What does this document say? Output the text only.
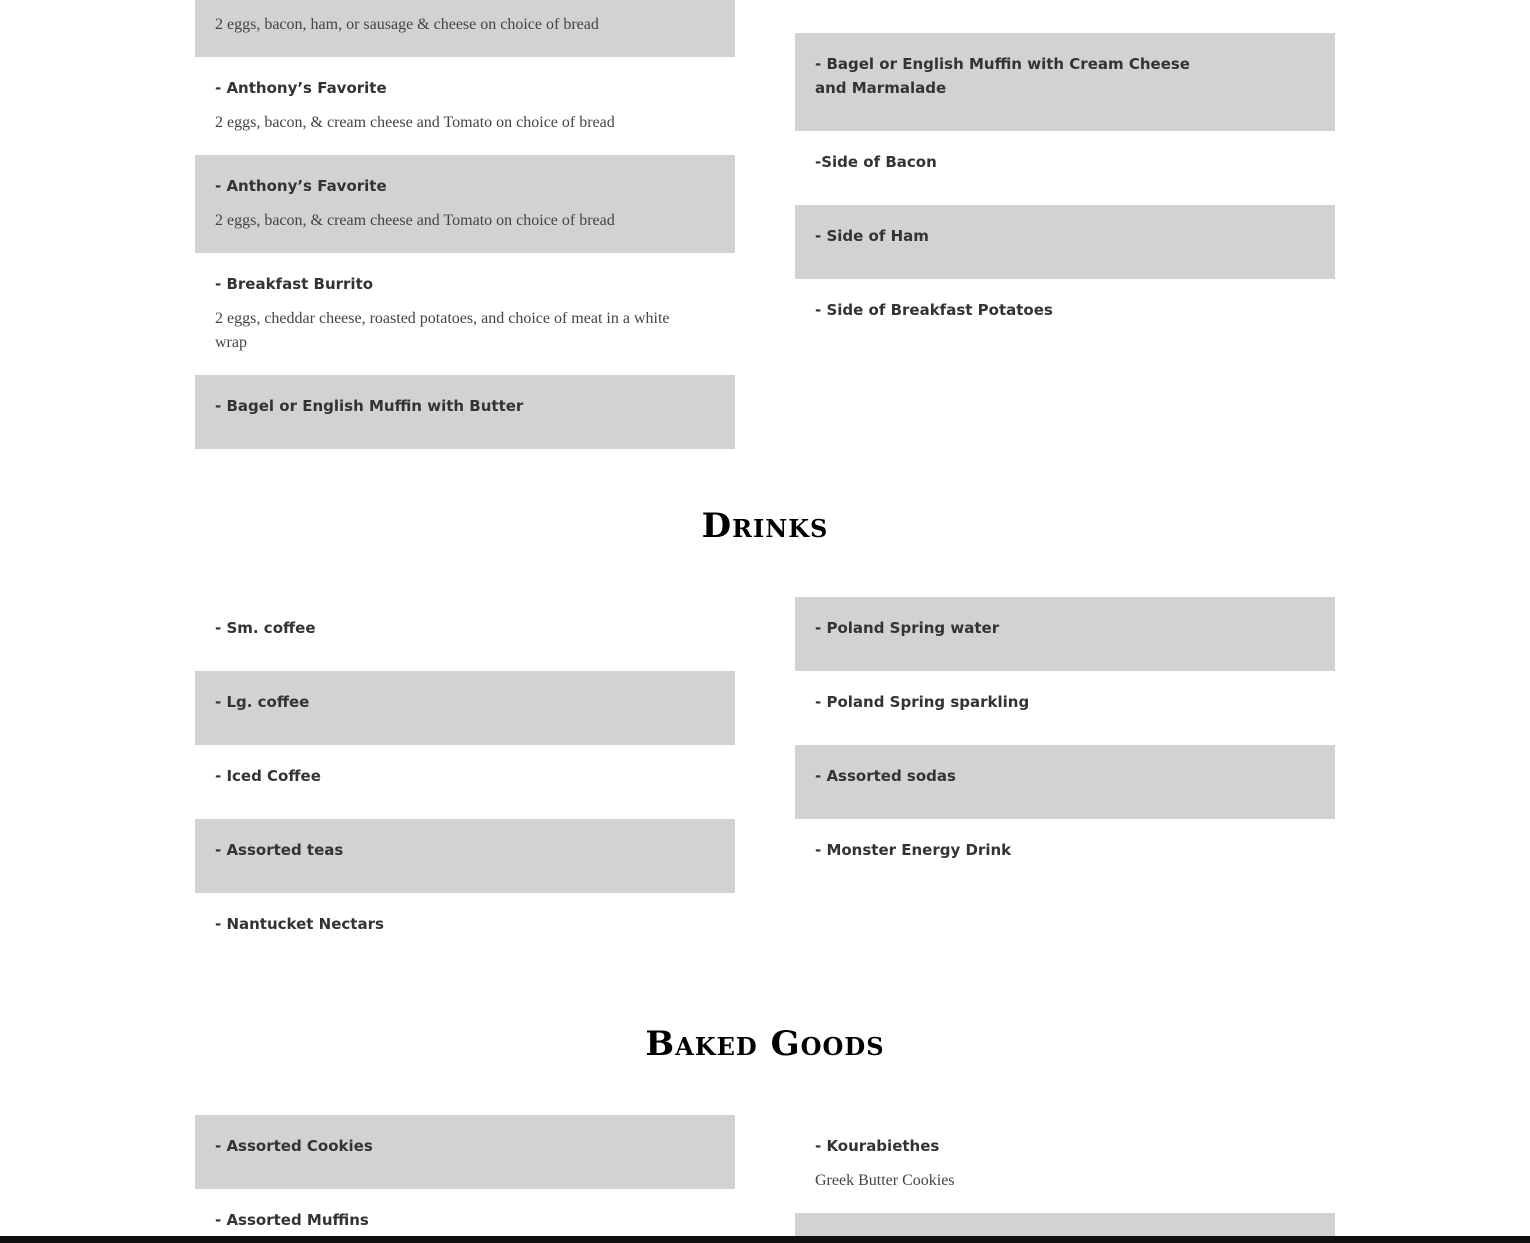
2 eggs, bacon, ham, or sausage & cheese on choice of bread
- Anthony’s Favorite
2 eggs, bacon, & cream cheese and Tomato on choice of bread
- Anthony’s Favorite
2 eggs, bacon, & cream cheese and Tomato on choice of bread
- Breakfast Burrito
2 eggs, cheddar cheese, roasted potatoes, and choice of meat in a white wrap
- Bagel or English Muffin with Butter
- Bagel or English Muffin with Cream Cheese and Marmalade
-Side of Bacon
- Side of Ham
- Side of Breakfast Potatoes
Drinks
- Sm. coffee
- Lg. coffee
- Iced Coffee
- Assorted teas
- Nantucket Nectars
- Poland Spring water
- Poland Spring sparkling
- Assorted sodas
- Monster Energy Drink
Baked Goods
- Assorted Cookies
- Assorted Muffins
- Kourabiethes
Greek Butter Cookies
